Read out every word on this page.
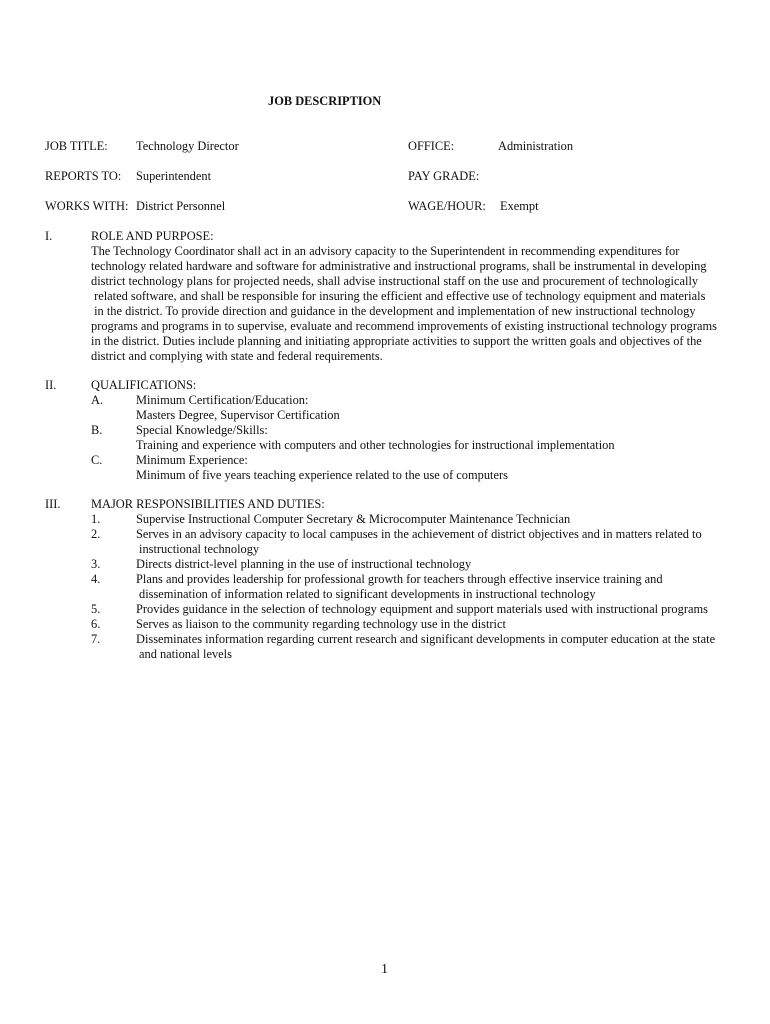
JOB DESCRIPTION
JOB TITLE: Technology Director	OFFICE:	Administration
REPORTS TO: Superintendent	PAY GRADE:
WORKS WITH: District Personnel	WAGE/HOUR: Exempt
I.	ROLE AND PURPOSE:
The Technology Coordinator shall act in an advisory capacity to the Superintendent in recommending expenditures for
technology related hardware and software for administrative and instructional programs, shall be instrumental in developing
district technology plans for projected needs, shall advise instructional staff on the use and procurement of technologically
related software, and shall be responsible for insuring the efficient and effective use of technology equipment and materials
in the district. To provide direction and guidance in the development and implementation of new instructional technology
programs and programs in to supervise, evaluate and recommend improvements of existing instructional technology programs
in the district. Duties include planning and initiating appropriate activities to support the written goals and objectives of the
district and complying with state and federal requirements.
II.	QUALIFICATIONS:
A.	Minimum Certification/Education:
Masters Degree, Supervisor Certification
B.	Special Knowledge/Skills:
Training and experience with computers and other technologies for instructional implementation
C.	Minimum Experience:
Minimum of five years teaching experience related to the use of computers
III. MAJOR RESPONSIBILITIES AND DUTIES:
1.	Supervise Instructional Computer Secretary & Microcomputer Maintenance Technician
2.	Serves in an advisory capacity to local campuses in the achievement of district objectives and in matters related to
instructional technology
3.	Directs district-level planning in the use of instructional technology
4.	Plans and provides leadership for professional growth for teachers through effective inservice training and
dissemination of information related to significant developments in instructional technology
5.	Provides guidance in the selection of technology equipment and support materials used with instructional programs
6.	Serves as liaison to the community regarding technology use in the district
7.	Disseminates information regarding current research and significant developments in computer education at the state
and national levels
1
